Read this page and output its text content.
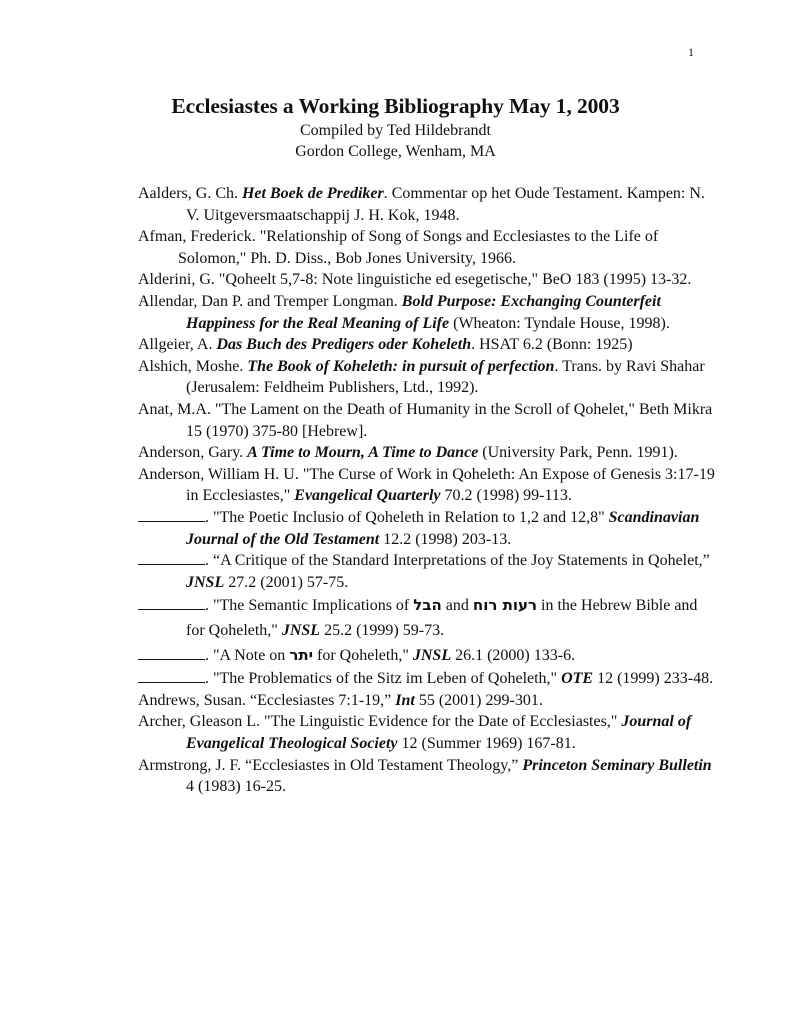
1
Ecclesiastes a Working Bibliography May 1, 2003
Compiled by Ted Hildebrandt
Gordon College, Wenham, MA
Aalders, G. Ch. Het Boek de Prediker. Commentar op het Oude Testament. Kampen: N. V. Uitgeversmaatschappij J. H. Kok, 1948.
Afman, Frederick. "Relationship of Song of Songs and Ecclesiastes to the Life of Solomon," Ph. D. Diss., Bob Jones University, 1966.
Alderini, G. "Qoheelt 5,7-8: Note linguistiche ed esegetische," BeO 183 (1995) 13-32.
Allendar, Dan P. and Tremper Longman. Bold Purpose: Exchanging Counterfeit Happiness for the Real Meaning of Life (Wheaton: Tyndale House, 1998).
Allgeier, A. Das Buch des Predigers oder Koheleth. HSAT 6.2 (Bonn: 1925)
Alshich, Moshe. The Book of Koheleth: in pursuit of perfection. Trans. by Ravi Shahar (Jerusalem: Feldheim Publishers, Ltd., 1992).
Anat, M.A. "The Lament on the Death of Humanity in the Scroll of Qohelet," Beth Mikra 15 (1970) 375-80 [Hebrew].
Anderson, Gary. A Time to Mourn, A Time to Dance (University Park, Penn. 1991).
Anderson, William H. U. "The Curse of Work in Qoheleth: An Expose of Genesis 3:17-19 in Ecclesiastes," Evangelical Quarterly 70.2 (1998) 99-113.
. "The Poetic Inclusio of Qoheleth in Relation to 1,2 and 12,8" Scandinavian Journal of the Old Testament 12.2 (1998) 203-13.
. “A Critique of the Standard Interpretations of the Joy Statements in Qohelet,” JNSL 27.2 (2001) 57-75.
. "The Semantic Implications of הבל and רעות רוח in the Hebrew Bible and for Qoheleth," JNSL 25.2 (1999) 59-73.
. "A Note on יתר for Qoheleth," JNSL 26.1 (2000) 133-6.
. "The Problematics of the Sitz im Leben of Qoheleth," OTE 12 (1999) 233-48.
Andrews, Susan. “Ecclesiastes 7:1-19,” Int 55 (2001) 299-301.
Archer, Gleason L. "The Linguistic Evidence for the Date of Ecclesiastes," Journal of Evangelical Theological Society 12 (Summer 1969) 167-81.
Armstrong, J. F. “Ecclesiastes in Old Testament Theology,” Princeton Seminary Bulletin 4 (1983) 16-25.
